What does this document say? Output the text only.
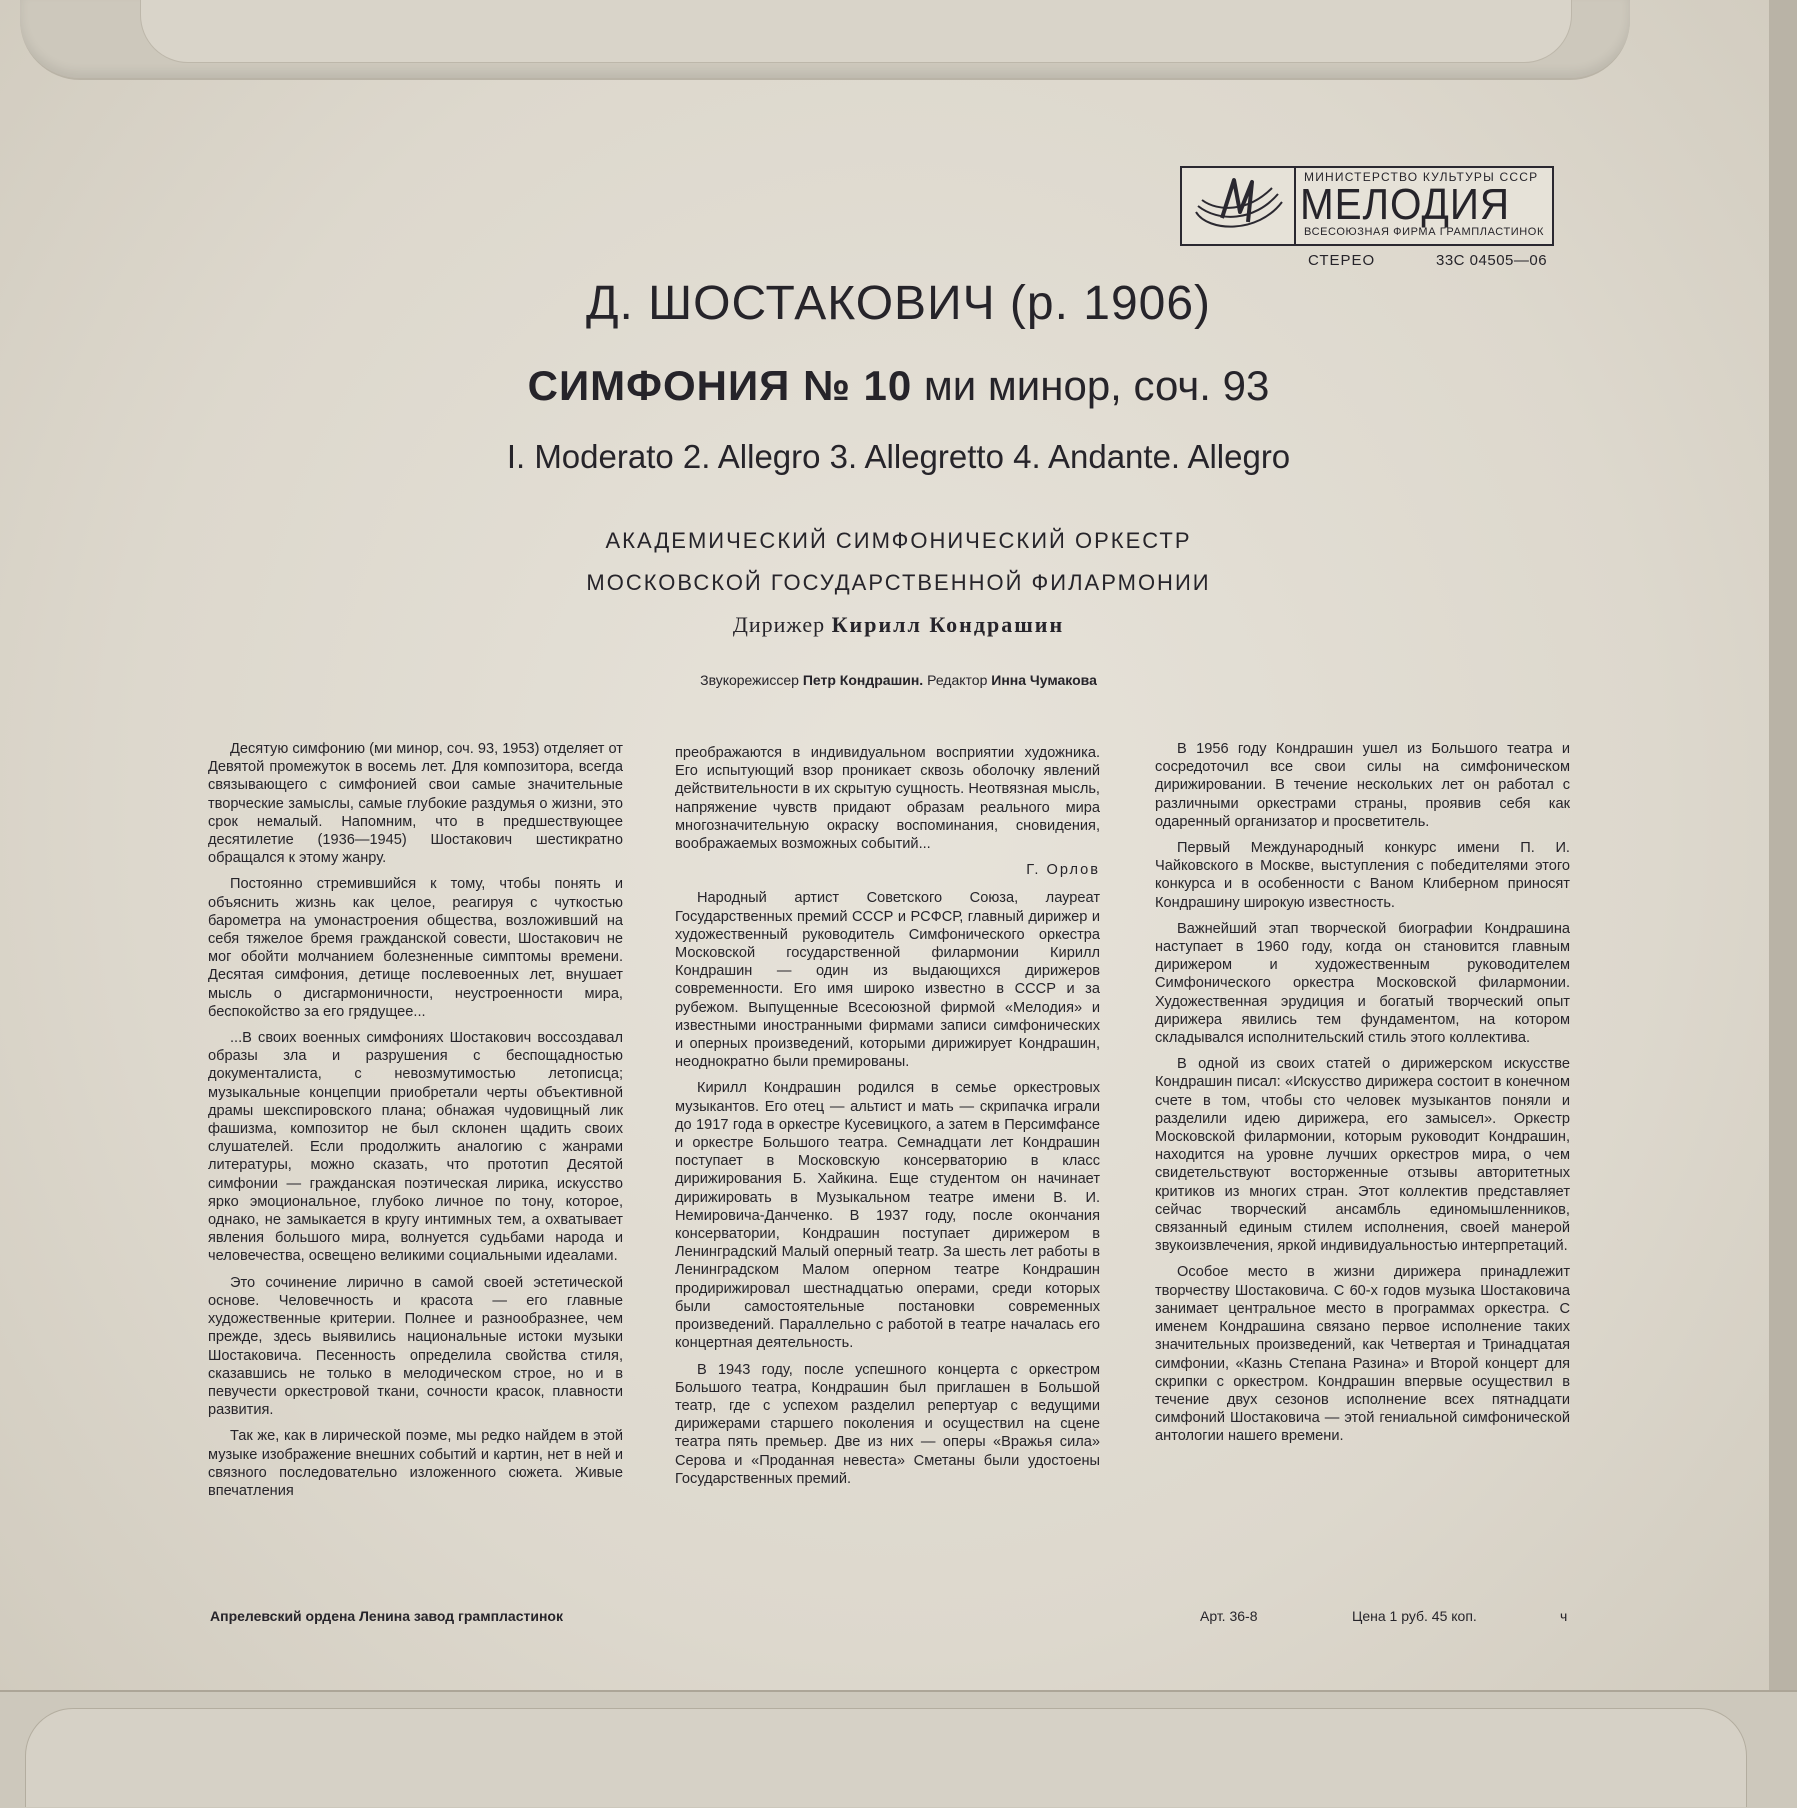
МИНИСТЕРСТВО КУЛЬТУРЫ СССР
МЕЛОДИЯ
ВСЕСОЮЗНАЯ ФИРМА ГРАМПЛАСТИНОК
СТЕРЕО	33С 04505—06
Д. ШОСТАКОВИЧ (р. 1906)
СИМФОНИЯ № 10 ми минор, соч. 93
I. Moderato 2. Allegro 3. Allegretto 4. Andante. Allegro
АКАДЕМИЧЕСКИЙ СИМФОНИЧЕСКИЙ ОРКЕСТР
МОСКОВСКОЙ ГОСУДАРСТВЕННОЙ ФИЛАРМОНИИ
Дирижер Кирилл Кондрашин
Звукорежиссер Петр Кондрашин. Редактор Инна Чумакова

Десятую симфонию (ми минор, соч. 93, 1953) отделяет от Девятой промежуток в восемь лет. Для композитора, всегда связывающего с симфонией свои самые значительные творческие замыслы, самые глубокие раздумья о жизни, это срок немалый. Напомним, что в предшествующее десятилетие (1936—1945) Шостакович шестикратно обращался к этому жанру.

Постоянно стремившийся к тому, чтобы понять и объяснить жизнь как целое, реагируя с чуткостью барометра на умонастроения общества, возложивший на себя тяжелое бремя гражданской совести, Шостакович не мог обойти молчанием болезненные симптомы времени. Десятая симфония, детище послевоенных лет, внушает мысль о дисгармоничности, неустроенности мира, беспокойство за его грядущее...

...В своих военных симфониях Шостакович воссоздавал образы зла и разрушения с беспощадностью документалиста, с невозмутимостью летописца; музыкальные концепции приобретали черты объективной драмы шекспировского плана; обнажая чудовищный лик фашизма, композитор не был склонен щадить своих слушателей. Если продолжить аналогию с жанрами литературы, можно сказать, что прототип Десятой симфонии — гражданская поэтическая лирика, искусство ярко эмоциональное, глубоко личное по тону, которое, однако, не замыкается в кругу интимных тем, а охватывает явления большого мира, волнуется судьбами народа и человечества, освещено великими социальными идеалами.

Это сочинение лирично в самой своей эстетической основе. Человечность и красота — его главные художественные критерии. Полнее и разнообразнее, чем прежде, здесь выявились национальные истоки музыки Шостаковича. Песенность определила свойства стиля, сказавшись не только в мелодическом строе, но и в певучести оркестровой ткани, сочности красок, плавности развития.

Так же, как в лирической поэме, мы редко найдем в этой музыке изображение внешних событий и картин, нет в ней и связного последовательно изложенного сюжета. Живые впечатления

преображаются в индивидуальном восприятии художника. Его испытующий взор проникает сквозь оболочку явлений действительности в их скрытую сущность. Неотвязная мысль, напряжение чувств придают образам реального мира многозначительную окраску воспоминания, сновидения, воображаемых возможных событий...

Г. Орлов

Народный артист Советского Союза, лауреат Государственных премий СССР и РСФСР, главный дирижер и художественный руководитель Симфонического оркестра Московской государственной филармонии Кирилл Кондрашин — один из выдающихся дирижеров современности. Его имя широко известно в СССР и за рубежом. Выпущенные Всесоюзной фирмой «Мелодия» и известными иностранными фирмами записи симфонических и оперных произведений, которыми дирижирует Кондрашин, неоднократно были премированы.

Кирилл Кондрашин родился в семье оркестровых музыкантов. Его отец — альтист и мать — скрипачка играли до 1917 года в оркестре Кусевицкого, а затем в Персимфансе и оркестре Большого театра. Семнадцати лет Кондрашин поступает в Московскую консерваторию в класс дирижирования Б. Хайкина. Еще студентом он начинает дирижировать в Музыкальном театре имени В. И. Немировича-Данченко. В 1937 году, после окончания консерватории, Кондрашин поступает дирижером в Ленинградский Малый оперный театр. За шесть лет работы в Ленинградском Малом оперном театре Кондрашин продирижировал шестнадцатью операми, среди которых были самостоятельные постановки современных произведений. Параллельно с работой в театре началась его концертная деятельность.

В 1943 году, после успешного концерта с оркестром Большого театра, Кондрашин был приглашен в Большой театр, где с успехом разделил репертуар с ведущими дирижерами старшего поколения и осуществил на сцене театра пять премьер. Две из них — оперы «Вражья сила» Серова и «Проданная невеста» Сметаны были удостоены Государственных премий.

В 1956 году Кондрашин ушел из Большого театра и сосредоточил все свои силы на симфоническом дирижировании. В течение нескольких лет он работал с различными оркестрами страны, проявив себя как одаренный организатор и просветитель.

Первый Международный конкурс имени П. И. Чайковского в Москве, выступления с победителями этого конкурса и в особенности с Ваном Клиберном приносят Кондрашину широкую известность.

Важнейший этап творческой биографии Кондрашина наступает в 1960 году, когда он становится главным дирижером и художественным руководителем Симфонического оркестра Московской филармонии. Художественная эрудиция и богатый творческий опыт дирижера явились тем фундаментом, на котором складывался исполнительский стиль этого коллектива.

В одной из своих статей о дирижерском искусстве Кондрашин писал: «Искусство дирижера состоит в конечном счете в том, чтобы сто человек музыкантов поняли и разделили идею дирижера, его замысел». Оркестр Московской филармонии, которым руководит Кондрашин, находится на уровне лучших оркестров мира, о чем свидетельствуют восторженные отзывы авторитетных критиков из многих стран. Этот коллектив представляет сейчас творческий ансамбль единомышленников, связанный единым стилем исполнения, своей манерой звукоизвлечения, яркой индивидуальностью интерпретаций.

Особое место в жизни дирижера принадлежит творчеству Шостаковича. С 60-х годов музыка Шостаковича занимает центральное место в программах оркестра. С именем Кондрашина связано первое исполнение таких значительных произведений, как Четвертая и Тринадцатая симфонии, «Казнь Степана Разина» и Второй концерт для скрипки с оркестром. Кондрашин впервые осуществил в течение двух сезонов исполнение всех пятнадцати симфоний Шостаковича — этой гениальной симфонической антологии нашего времени.

Апрелевский ордена Ленина завод грампластинок	Арт. 36-8	Цена 1 руб. 45 коп.	ч
